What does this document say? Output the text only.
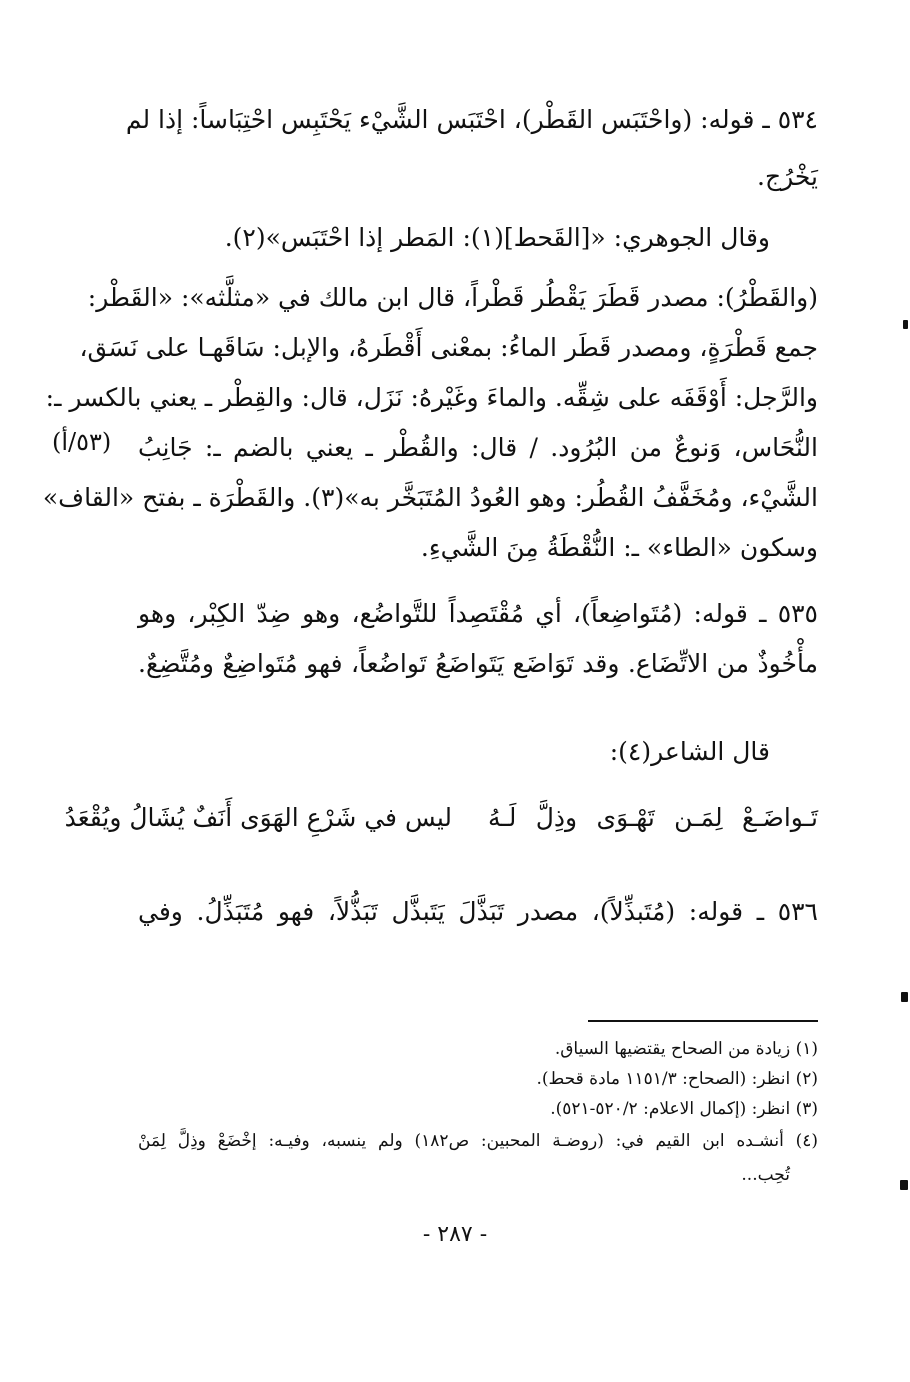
٥٣٤ ـ قوله: (واحْتَبَس القَطْر)، احْتَبَس الشَّيْء يَحْتَبِس احْتِبَاساً: إذا لم
يَخْرُج.
وقال الجوهري: «[القَحط](١): المَطر إذا احْتَبَس»(٢).
(والقَطْرُ): مصدر قَطَرَ يَقْطُر قَطْراً، قال ابن مالك في «مثلَّثه»: «القَطْر:
جمع قَطْرَةٍ، ومصدر قَطَر الماءُ: بمعْنى أَقْطَرهُ، والإبل: سَاقَهـا على نَسَق،
والرَّجل: أَوْقَفَه على شِقِّه. والماءَ وغَيْرهُ: نَزَل، قال: والقِطْر ـ يعني بالكسر ـ:
النُّحَاس، وَنوعٌ من البُرُود. / قال: والقُطْر ـ يعني بالضم ـ: جَانِبُ
الشَّيْء، ومُخَفَّفُ القُطُر: وهو العُودُ المُتَبَخَّر به»(٣). والقَطْرَة ـ بفتح «القاف»
وسكون «الطاء» ـ: النُّقْطَةُ مِنَ الشَّيءِ.
(٥٣/أ)
٥٣٥ ـ قوله: (مُتَواضِعاً)، أي مُقْتَصِداً للتَّواضُع، وهو ضِدّ الكِبْر، وهو
مأْخُوذٌ من الاتِّضَاع. وقد تَوَاضَع يَتَواضَعُ تَواضُعاً، فهو مُتَواضِعٌ ومُتَّضِعٌ.
قال الشاعر(٤):
تَـواضَـعْ لِمَـن تَهْـوَى وذِلَّ لَـهُ
ليس في شَرْعِ الهَوَى أَنَفٌ يُشَالُ ويُقْعَدُ
٥٣٦ ـ قوله: (مُتَبذِّلاً)، مصدر تَبَذَّلَ يَتَبذَّل تَبَذُّلاً، فهو مُتَبَذِّلُ. وفي
(١) زيادة من الصحاح يقتضيها السياق.
(٢) انظر: (الصحاح: ١١٥١/٣ مادة قحط).
(٣) انظر: (إكمال الاعلام: ٥٢٠/٢-٥٢١).
(٤) أنشـده ابن القيم في: (روضـة المحبين: ص١٨٢) ولم ينسبه، وفيـه: إخْضَعْ وذِلَّ لِمَنْ
تُحِب...
- ٢٨٧ -
